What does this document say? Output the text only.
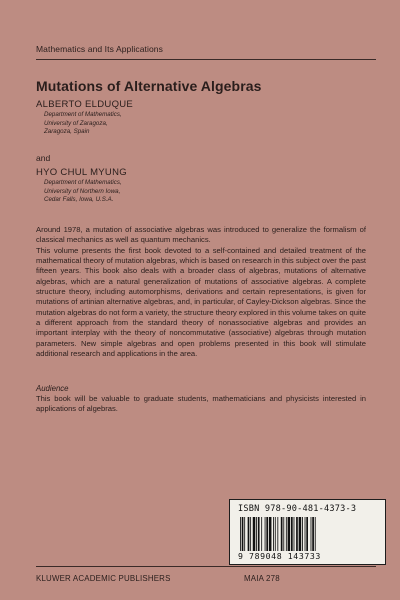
Mathematics and Its Applications
Mutations of Alternative Algebras
ALBERTO ELDUQUE
Department of Mathematics,
University of Zaragoza,
Zaragoza, Spain
and
HYO CHUL MYUNG
Department of Mathematics,
University of Northern Iowa,
Cedar Falls, Iowa, U.S.A.

Around 1978, a mutation of associative algebras was introduced to generalize the formalism of classical mechanics as well as quantum mechanics.

This volume presents the first book devoted to a self-contained and detailed treatment of the mathematical theory of mutation algebras, which is based on research in this subject over the past fifteen years. This book also deals with a broader class of algebras, mutations of alternative algebras, which are a natural generalization of mutations of associative algebras. A complete structure theory, including automorphisms, derivations and certain representations, is given for mutations of artinian alternative algebras, and, in particular, of Cayley-Dickson algebras. Since the mutation algebras do not form a variety, the structure theory explored in this volume takes on quite a different approach from the standard theory of nonassociative algebras and provides an important interplay with the theory of noncommutative (associative) algebras through mutation parameters. New simple algebras and open problems presented in this book will stimulate additional research and applications in the area.

Audience
This book will be valuable to graduate students, mathematicians and physicists interested in applications of algebras.
ISBN 978-90-481-4373-3
9 789048 143733
KLUWER ACADEMIC PUBLISHERS	MAIA 278
